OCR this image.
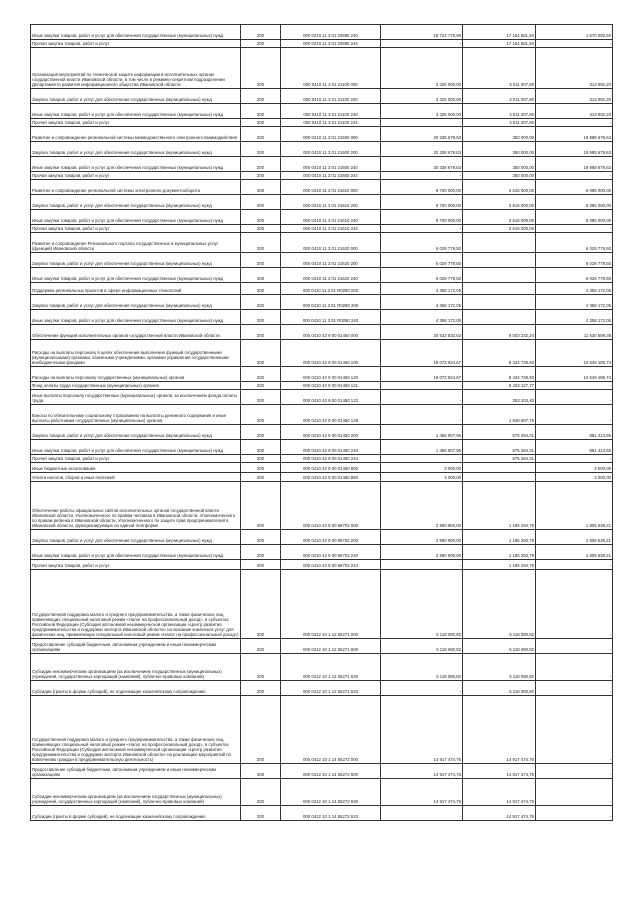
Иные закупки товаров, работ и услуг для обеспечения государственных (муниципальных) нужд	200	000 0410 11 3 01 20690 240	18 724 775,90	17 154 681,50	1 570 093,50
Прочая закупка товаров, работ и услуг	200	000 0410 11 3 01 20690 244	-	17 154 681,50	-
Организация мероприятий по технической защите информации в исполнительных органах государственной власти Ивановской области, в том числе в режимно-секретном подразделении Департамента развития информационного общества Ивановской области	200	000 0410 11 3 01 21100 000	3 325 000,00	3 011 007,80	313 992,20
Закупка товаров, работ и услуг для обеспечения государственных (муниципальных) нужд	200	000 0410 11 3 01 21100 200	3 325 000,00	3 011 007,80	313 992,20
Иные закупки товаров, работ и услуг для обеспечения государственных (муниципальных) нужд	200	000 0410 11 3 01 21100 240	3 325 000,00	3 011 007,80	313 992,20
Прочая закупка товаров, работ и услуг	200	000 0410 11 3 01 21100 244	-	3 011 007,80	-
Развитие и сопровождение региональной системы межведомственного электронного взаимодействия	200	000 0410 11 3 01 21600 000	20 338 679,63	350 000,00	19 988 679,63
Закупка товаров, работ и услуг для обеспечения государственных (муниципальных) нужд	200	000 0410 11 3 01 21600 200	20 338 679,63	350 000,00	19 988 679,63
Иные закупки товаров, работ и услуг для обеспечения государственных (муниципальных) нужд	200	000 0410 11 3 01 21600 240	20 338 679,63	350 000,00	19 988 679,63
Прочая закупка товаров, работ и услуг	200	000 0410 11 3 01 21600 244	-	350 000,00	-
Развитие и сопровождение региональной системы электронного документооборота	200	000 0410 11 3 01 21610 000	9 700 000,00	3 615 000,00	6 085 000,00
Закупка товаров, работ и услуг для обеспечения государственных (муниципальных) нужд	200	000 0410 11 3 01 21610 200	9 700 000,00	3 615 000,00	6 085 000,00
Иные закупки товаров, работ и услуг для обеспечения государственных (муниципальных) нужд	200	000 0410 11 3 01 21610 240	9 700 000,00	3 615 000,00	6 085 000,00
Прочая закупка товаров, работ и услуг	200	000 0410 11 3 01 21610 244	-	3 615 000,00	-
Развитие и сопровождение Регионального портала государственных и муниципальных услуг (функций) Ивановской области	200	000 0410 11 3 01 21620 000	6 029 779,50		6 029 779,50
Закупка товаров, работ и услуг для обеспечения государственных (муниципальных) нужд	200	000 0410 11 3 01 21620 200	6 029 779,50		6 029 779,50
Иные закупки товаров, работ и услуг для обеспечения государственных (муниципальных) нужд	200	000 0410 11 3 01 21620 240	6 029 779,50		6 029 779,50
Поддержка региональных проектов в сфере информационных технологий	200	000 0410 11 3 01 R0280 000	4 358 172,05		4 358 172,05
Закупка товаров, работ и услуг для обеспечения государственных (муниципальных) нужд	200	000 0410 11 3 01 R0280 200	4 358 172,05		4 358 172,05
Иные закупки товаров, работ и услуг для обеспечения государственных (муниципальных) нужд	200	000 0410 11 3 01 R0280 240	4 358 172,05		4 358 172,05
Обеспечение функций исполнительных органов государственной власти Ивановской области	200	000 0410 42 9 00 01450 000	20 533 832,63	9 003 232,24	11 530 599,39
Расходы на выплаты персоналу в целях обеспечения выполнения функций государственными (муниципальными) органами, казенными учреждениями, органами управления государственными внебюджетными фондами	200	000 0410 42 9 00 01450 100	19 073 924,67	8 424 738,93	10 649 185,74
Расходы на выплаты персоналу государственных (муниципальных) органов	200	000 0410 42 9 00 01450 120	19 073 924,67	8 424 738,93	10 649 185,74
Фонд оплаты труда государственных (муниципальных) органов	200	000 0410 42 9 00 01450 121	-	6 423 127,77	-
Иные выплаты персоналу государственных (муниципальных) органов, за исключением фонда оплаты труда	200	000 0410 42 9 00 01450 122	-	353 103,40	-
Взносы по обязательному социальному страхованию на выплаты денежного содержания и иные выплаты работникам государственных (муниципальных) органов	200	000 0410 42 9 00 01450 129	-	1 648 507,76	-
Закупка товаров, работ и услуг для обеспечения государственных (муниципальных) нужд	200	000 0410 42 9 00 01450 200	1 456 907,96	575 494,31	881 413,65
Иные закупки товаров, работ и услуг для обеспечения государственных (муниципальных) нужд	200	000 0410 42 9 00 01450 240	1 456 907,96	575 494,31	881 413,65
Прочая закупка товаров, работ и услуг	200	000 0410 42 9 00 01450 244	-	575 494,31	-
Иные бюджетные ассигнования	200	000 0410 42 9 00 01450 800	3 000,00		3 000,00
Уплата налогов, сборов и иных платежей	200	000 0410 42 9 00 01450 850	3 000,00		3 000,00
Обеспечение работы официальных сайтов исполнительных органов государственной власти Ивановской области, Уполномоченного по правам человека в Ивановской области, Уполномоченного по правам ребенка в Ивановской области, Уполномоченного по защите прав предпринимателей в Ивановской области, функционирующих на единой платформе	200	000 0410 42 9 00 98702 000	2 990 900,00	1 185 260,79	1 805 639,21
Закупка товаров, работ и услуг для обеспечения государственных (муниципальных) нужд	200	000 0410 42 9 00 98702 200	2 990 900,00	1 185 260,79	1 805 639,21
Иные закупки товаров, работ и услуг для обеспечения государственных (муниципальных) нужд	200	000 0410 42 9 00 98702 240	2 990 900,00	1 185 260,79	1 805 639,21
Прочая закупка товаров, работ и услуг	200	000 0410 42 9 00 98702 244	-	1 185 260,79	-
Государственная поддержка малого и среднего предпринимательства, а также физических лиц, применяющих специальный налоговый режим «Налог на профессиональный доход», в субъектах Российской Федерации (Субсидия автономной некоммерческой организации «Центр развития предпринимательства и поддержки экспорта Ивановской области» на оказание комплекса услуг для физических лиц, применяющих специальный налоговый режим «Налог на профессиональный доход»)	200	000 0412 10 1 12 55271 000	5 118 080,82	5 118 080,82	-
Предоставление субсидий бюджетным, автономным учреждениям и иным некоммерческим организациям	200	000 0412 10 1 12 55271 600	5 118 080,82	5 118 080,82	-
Субсидии некоммерческим организациям (за исключением государственных (муниципальных) учреждений, государственных корпораций (компаний), публично-правовых компаний)	200	000 0412 10 1 12 55271 630	5 118 080,82	5 118 080,82	-
Субсидии (гранты в форме субсидий), не подлежащие казначейскому сопровождению	200	000 0412 10 1 12 55271 633	-	5 118 080,82	-
Государственная поддержка малого и среднего предпринимательства, а также физических лиц, применяющих специальный налоговый режим «Налог на профессиональный доход», в субъектах Российской Федерации (Субсидия автономной некоммерческой организации «Центр развития предпринимательства и поддержки экспорта Ивановской области» на реализацию мероприятий по вовлечению граждан в предпринимательскую деятельность)	200	000 0412 10 1 14 55272 000	14 917 474,76	14 917 474,76	-
Предоставление субсидий бюджетным, автономным учреждениям и иным некоммерческим организациям	200	000 0412 10 1 14 55272 600	14 917 474,76	14 917 474,76	-
Субсидии некоммерческим организациям (за исключением государственных (муниципальных) учреждений, государственных корпораций (компаний), публично-правовых компаний)	200	000 0412 10 1 14 55272 630	14 917 474,76	14 917 474,76	-
Субсидии (гранты в форме субсидий), не подлежащие казначейскому сопровождению	200	000 0412 10 1 14 55272 633	-	14 917 474,76	-
